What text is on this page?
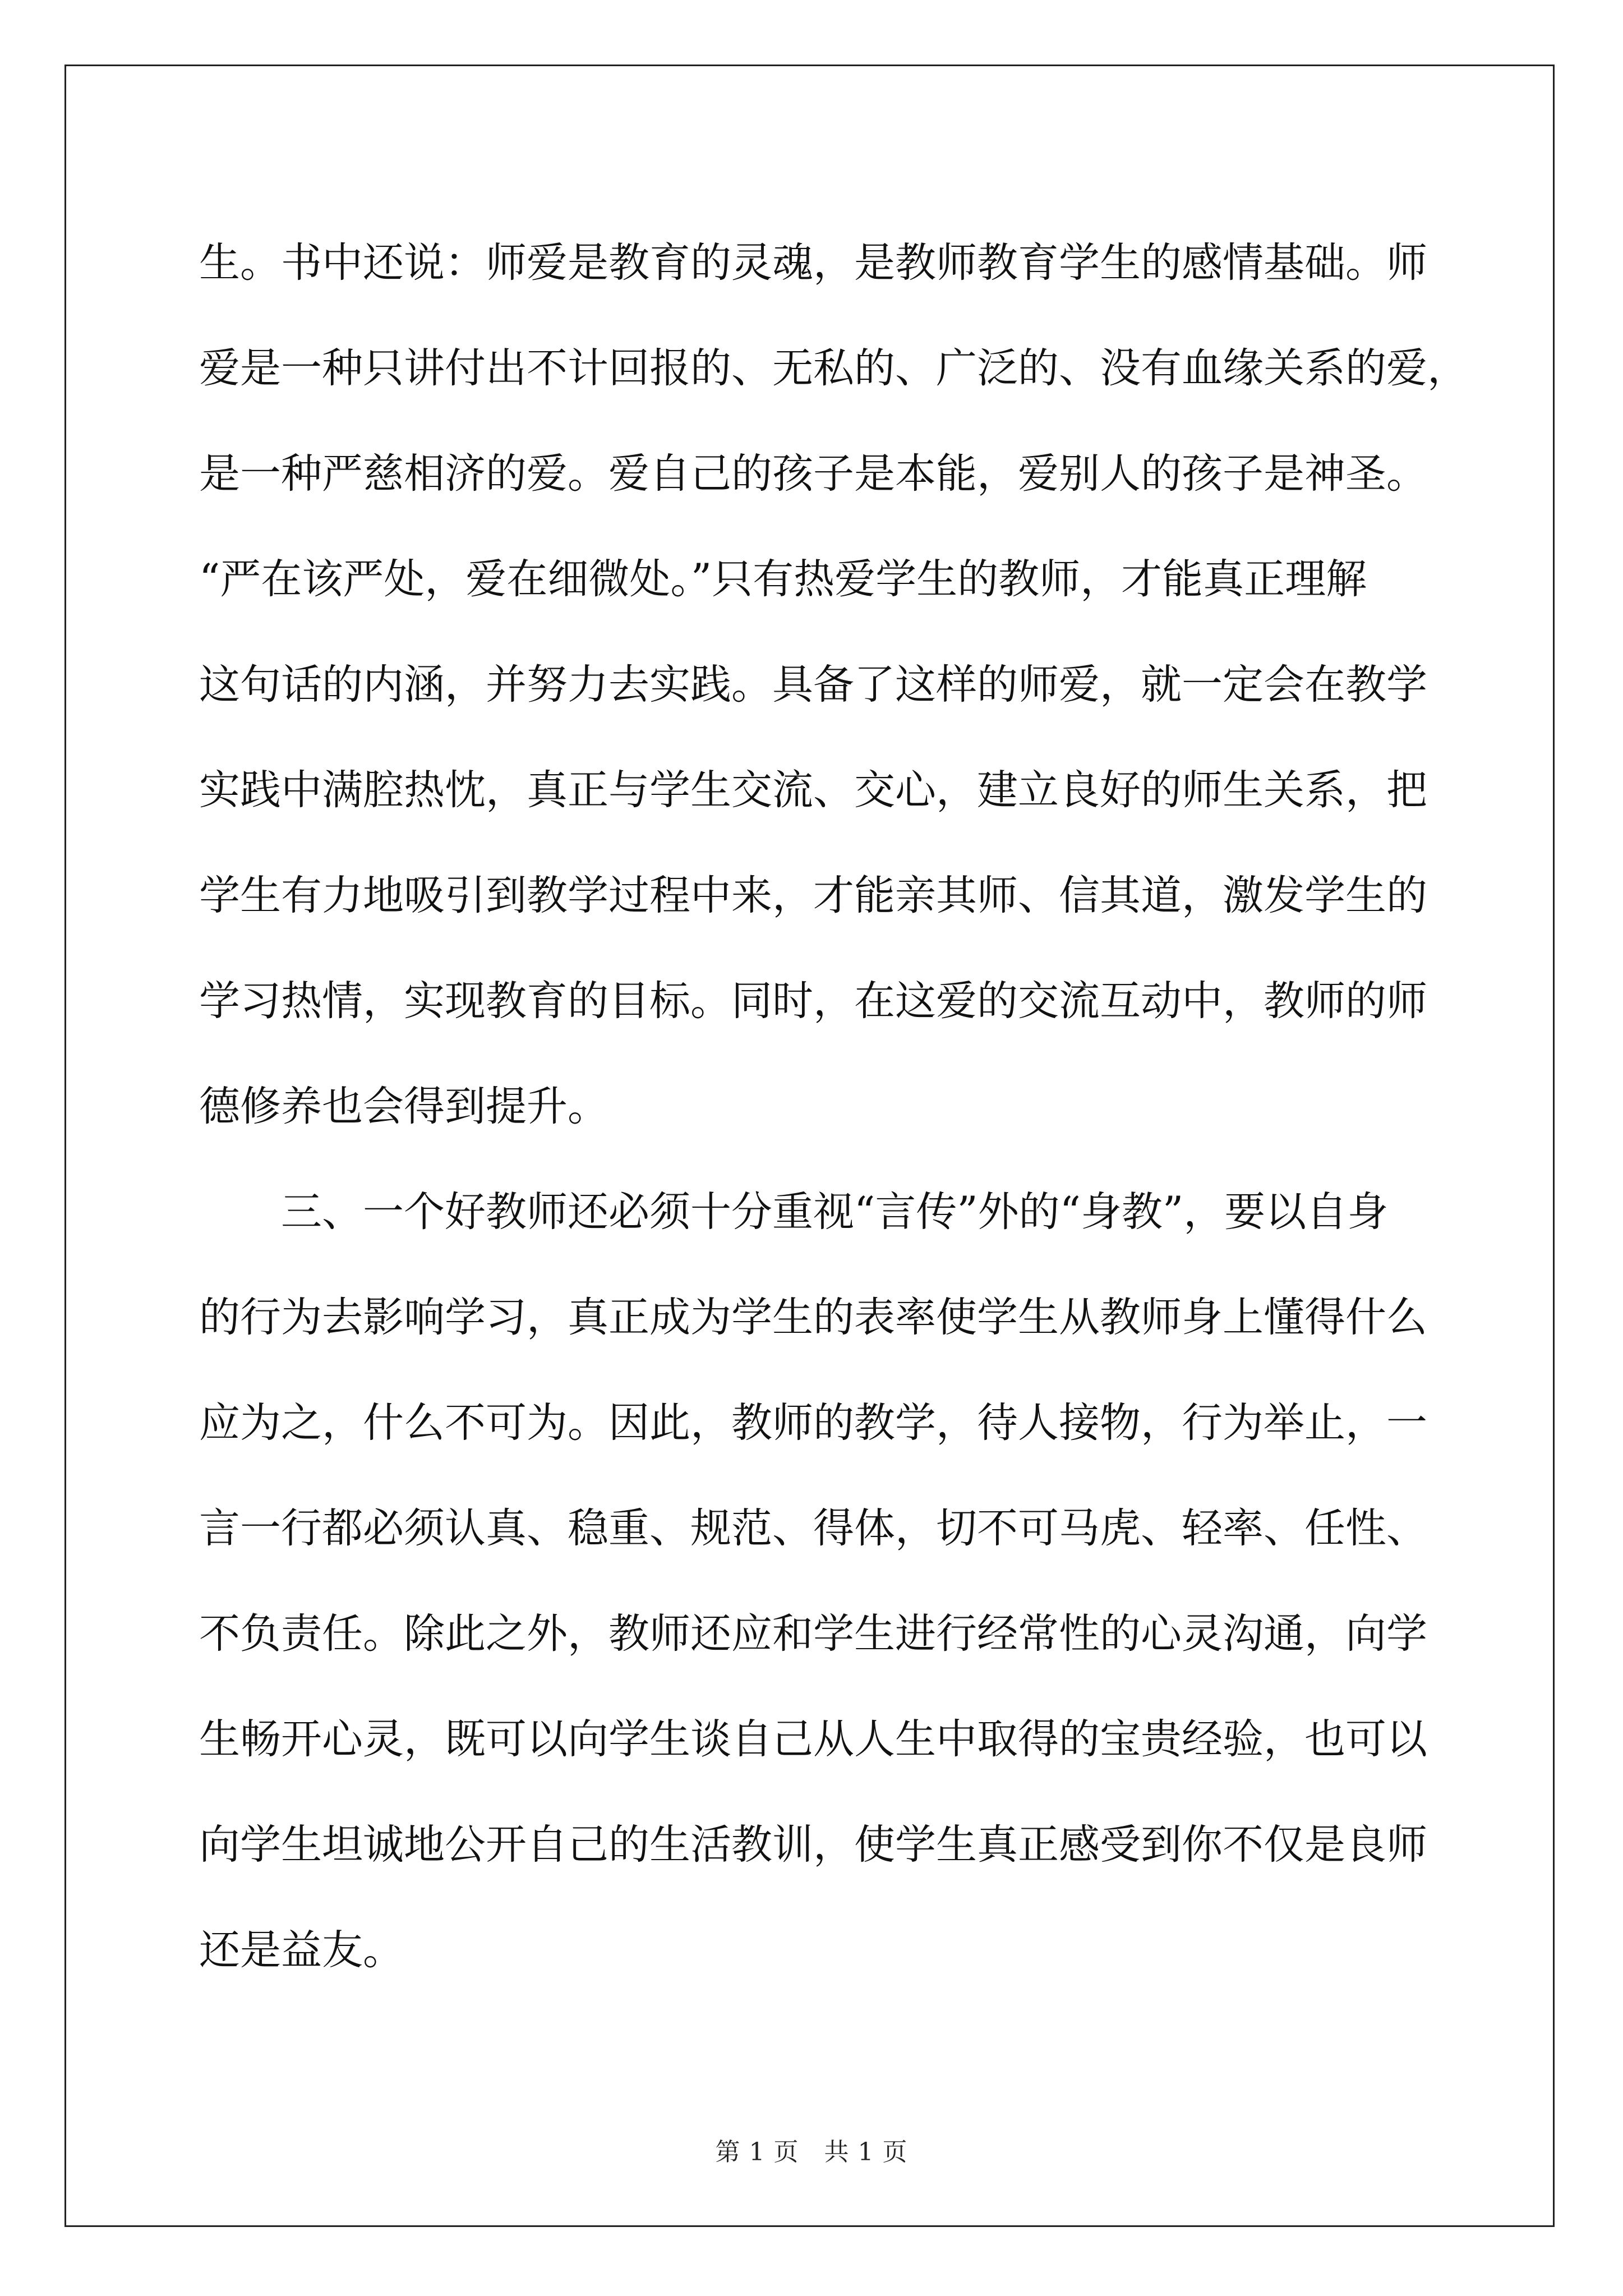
生。书中还说：师爱是教育的灵魂，是教师教育学生的感情基础。师
爱是一种只讲付出不计回报的、无私的、广泛的、没有血缘关系的爱，
是一种严慈相济的爱。爱自己的孩子是本能，爱别人的孩子是神圣。
“严在该严处，爱在细微处。”只有热爱学生的教师，才能真正理解
这句话的内涵，并努力去实践。具备了这样的师爱，就一定会在教学
实践中满腔热忱，真正与学生交流、交心，建立良好的师生关系，把
学生有力地吸引到教学过程中来，才能亲其师、信其道，激发学生的
学习热情，实现教育的目标。同时，在这爱的交流互动中，教师的师
德修养也会得到提升。
三、一个好教师还必须十分重视“言传”外的“身教”，要以自身
的行为去影响学习，真正成为学生的表率使学生从教师身上懂得什么
应为之，什么不可为。因此，教师的教学，待人接物，行为举止，一
言一行都必须认真、稳重、规范、得体，切不可马虎、轻率、任性、
不负责任。除此之外，教师还应和学生进行经常性的心灵沟通，向学
生畅开心灵，既可以向学生谈自己从人生中取得的宝贵经验，也可以
向学生坦诚地公开自己的生活教训，使学生真正感受到你不仅是良师
还是益友。
第 1 页　共 1 页
